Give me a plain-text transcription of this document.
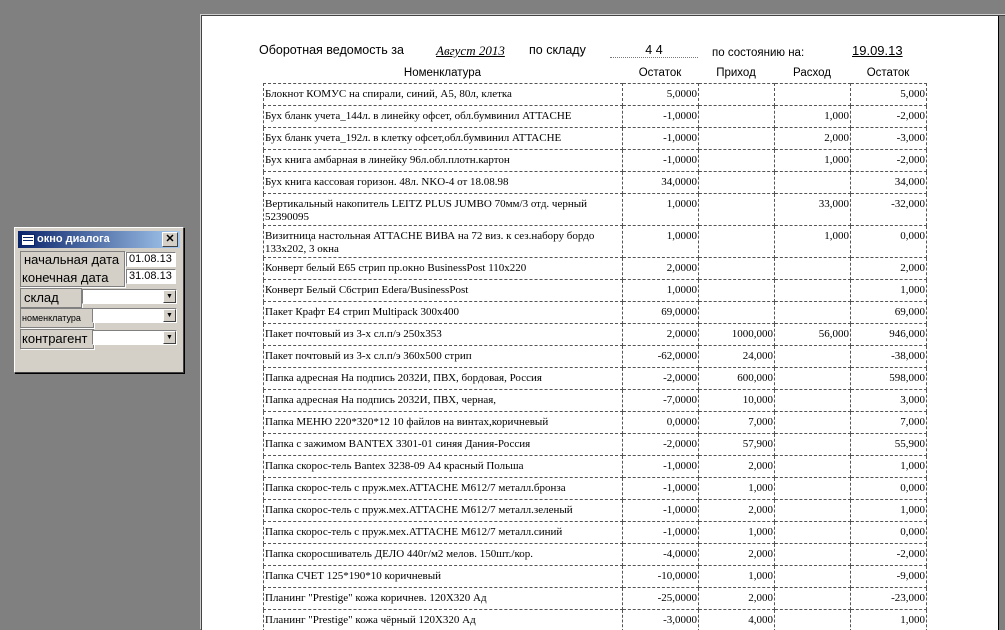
Оборотная ведомость за Август 2013 по складу	4 4	по состоянию на:	19.09.13
Номенклатура	Остаток	Приход	Расход	Остаток
Блокнот КОМУС на спирали, синий, А5, 80л, клетка	5,0000			5,000
Бух бланк учета_144л. в линейку офсет, обл.бумвинил ATTACHE	-1,0000		1,000	-2,000
Бух бланк учета_192л. в клетку офсет,обл.бумвинил ATTACHE	-1,0000		2,000	-3,000
Бух книга амбарная в линейку 96л.обл.плотн.картон	-1,0000		1,000	-2,000
Бух книга кассовая горизон. 48л. NKO-4 от 18.08.98	34,0000			34,000
Вертикальный накопитель LEITZ PLUS JUMBO 70мм/3 отд. черный 52390095	1,0000		33,000	-32,000
Визитница настольная ATTACHE ВИВА на 72 виз. к сез.набору бордо 133x202, 3 окна	1,0000		1,000	0,000
Конверт белый E65 стрип пр.окно BusinessPost 110x220	2,0000			2,000
Конверт Белый C6стрип Edera/BusinessPost	1,0000			1,000
Пакет Крафт E4 стрип Multipack 300x400	69,0000			69,000
Пакет почтовый из 3-х сл.п/э 250x353	2,0000	1000,000	56,000	946,000
Пакет почтовый из 3-х сл.п/э 360x500 стрип	-62,0000	24,000		-38,000
Папка адресная На подпись 2032И, ПВХ, бордовая, Россия	-2,0000	600,000		598,000
Папка адресная На подпись 2032И, ПВХ, черная,	-7,0000	10,000		3,000
Папка МЕНЮ 220*320*12 10 файлов на винтах,коричневый	0,0000	7,000		7,000
Папка с зажимом BANTEX 3301-01 синяя Дания-Россия	-2,0000	57,900		55,900
Папка скорос-тель Bantex 3238-09 А4 красный Польша	-1,0000	2,000		1,000
Папка скорос-тель с пруж.мех.ATTACHE M612/7 металл.бронза	-1,0000	1,000		0,000
Папка скорос-тель с пруж.мех.ATTACHE M612/7 металл.зеленый	-1,0000	2,000		1,000
Папка скорос-тель с пруж.мех.ATTACHE M612/7 металл.синий	-1,0000	1,000		0,000
Папка скоросшиватель ДЕЛО 440г/м2 мелов. 150шт./кор.	-4,0000	2,000		-2,000
Папка СЧЕТ 125*190*10 коричневый	-10,0000	1,000		-9,000
Планинг "Prestige" кожа коричнев. 120X320 Ад	-25,0000	2,000		-23,000
Планинг "Prestige" кожа чёрный 120X320 Ад	-3,0000	4,000		1,000
окно диалога	✕
начальная дата 01.08.13
конечная дата 31.08.13
склад	▼
номенклатура	▼
контрагент	▼
